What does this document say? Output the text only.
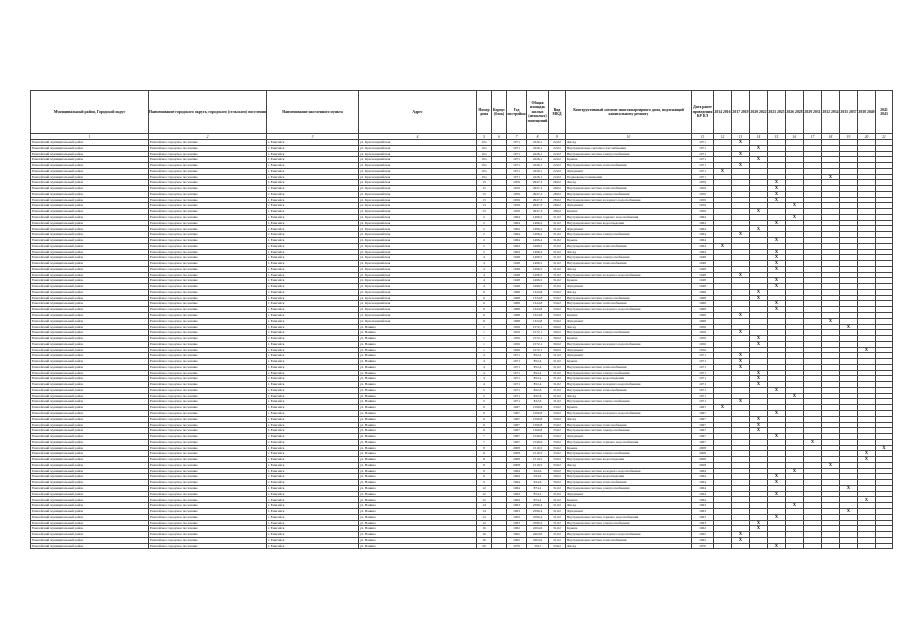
Муниципальный район, Городской округ	Наименование городского округа, городского (сельского) поселения	Наименование населенного пункта	Адрес	Номер дома	Корпус (блок)	Год постройки	Общая площадь жилых (нежилых) помещений	Вид МКД	Конструктивный элемент многоквартирного дома, подлежащий капитальному ремонту	Дата ранее проведения КР КЭ	2014 2016	2017 2019	2020 2022	2023 2025	2026 2028	2029 2031	2032 2034	2035 2037	2038 2040	2041 2043
1	2	3	4	5	6	7	8	9	10	11	12	13	14	15	16	17	18	19	20	21
Енисейский муниципальный район	Енисейское городское поселение	г. Енисейск	ул. Красноармейская	10а		1971	2226,1	22,02	Фасад	1971		X								
Енисейский муниципальный район	Енисейское городское поселение	г. Енисейск	ул. Красноармейская	10а		1971	2226,1	22,02	Внутридомовые системы газоснабжения	1971			X							
Енисейский муниципальный район	Енисейское городское поселение	г. Енисейск	ул. Красноармейская	10а		1971	2226,1	22,02	Внутридомовая система электроснабжения	1971		X								
Енисейский муниципальный район	Енисейское городское поселение	г. Енисейск	ул. Красноармейская	10а		1971	2226,1	22,02	Крыша	1971			X							
Енисейский муниципальный район	Енисейское городское поселение	г. Енисейск	ул. Красноармейская	10а		1971	2226,1	22,02	Внутридомовая система теплоснабжения	1971		X								
Енисейский муниципальный район	Енисейское городское поселение	г. Енисейск	ул. Красноармейская	10а		1971	2226,1	22,02	Фундамент	1971	X									
Енисейский муниципальный район	Енисейское городское поселение	г. Енисейск	ул. Красноармейская	10а		1971	2226,1	22,02	Подвальные помещения	1971							X			
Енисейский муниципальный район	Енисейское городское поселение	г. Енисейск	ул. Красноармейская	13		1959	2947,3	28,02	Фасад	1959				X						
Енисейский муниципальный район	Енисейское городское поселение	г. Енисейск	ул. Красноармейская	13		1959	2947,3	28,02	Внутридомовая система теплоснабжения	1959				X						
Енисейский муниципальный район	Енисейское городское поселение	г. Енисейск	ул. Красноармейская	13		1959	2947,3	28,02	Внутридомовая система электроснабжения	1959				X						
Енисейский муниципальный район	Енисейское городское поселение	г. Енисейск	ул. Красноармейская	13		1959	2947,3	28,02	Внутридомовая система холодного водоснабжения	1959				X						
Енисейский муниципальный район	Енисейское городское поселение	г. Енисейск	ул. Красноармейская	13		1959	2947,3	28,02	Фундамент	1959					X					
Енисейский муниципальный район	Енисейское городское поселение	г. Енисейск	ул. Красноармейская	13		1959	2947,3	28,02	Крыша	1959			X							
Енисейский муниципальный район	Енисейское городское поселение	г. Енисейск	ул. Красноармейская	2		1964	1496,2	31,02	Внутридомовая система горячего водоснабжения	1964					X					
Енисейский муниципальный район	Енисейское городское поселение	г. Енисейск	ул. Красноармейская	2		1964	1496,2	31,02	Внутридомовая система водоотведения	1964				X						
Енисейский муниципальный район	Енисейское городское поселение	г. Енисейск	ул. Красноармейская	2		1964	1496,2	31,02	Фундамент	1964			X							
Енисейский муниципальный район	Енисейское городское поселение	г. Енисейск	ул. Красноармейская	2		1964	1496,2	31,02	Внутридомовая система электроснабжения	1964		X								
Енисейский муниципальный район	Енисейское городское поселение	г. Енисейск	ул. Красноармейская	2		1964	1496,2	31,02	Крыша	1964				X						
Енисейский муниципальный район	Енисейское городское поселение	г. Енисейск	ул. Красноармейская	2		1964	1496,2	31,02	Внутридомовая система теплоснабжения	1964	X									
Енисейский муниципальный район	Енисейское городское поселение	г. Енисейск	ул. Красноармейская	2		1964	1496,2	31,02	Фасад	1964				X						
Енисейский муниципальный район	Енисейское городское поселение	г. Енисейск	ул. Красноармейская	4		1948	1496,5	31,02	Внутридомовая система электроснабжения	1948				X						
Енисейский муниципальный район	Енисейское городское поселение	г. Енисейск	ул. Красноармейская	4		1948	1496,5	31,02	Внутридомовая система теплоснабжения	1948				X						
Енисейский муниципальный район	Енисейское городское поселение	г. Енисейск	ул. Красноармейская	4		1948	1496,5	31,02	Фасад	1948				X						
Енисейский муниципальный район	Енисейское городское поселение	г. Енисейск	ул. Красноармейская	4		1948	1496,5	31,02	Внутридомовая система холодного водоснабжения	1948		X								
Енисейский муниципальный район	Енисейское городское поселение	г. Енисейск	ул. Красноармейская	4		1948	1496,5	31,02	Крыша	1948				X						
Енисейский муниципальный район	Енисейское городское поселение	г. Енисейск	ул. Красноармейская	4		1948	1496,5	31,02	Фундамент	1948				X						
Енисейский муниципальный район	Енисейское городское поселение	г. Енисейск	ул. Красноармейская	6		1968	1324,8	33,02	Фасад	1968			X							
Енисейский муниципальный район	Енисейское городское поселение	г. Енисейск	ул. Красноармейская	6		1968	1324,8	33,02	Внутридомовая система электроснабжения	1968			X							
Енисейский муниципальный район	Енисейское городское поселение	г. Енисейск	ул. Красноармейская	6		1968	1324,8	33,02	Внутридомовая система теплоснабжения	1968				X						
Енисейский муниципальный район	Енисейское городское поселение	г. Енисейск	ул. Красноармейская	6		1968	1324,8	33,02	Внутридомовая система холодного водоснабжения	1968				X						
Енисейский муниципальный район	Енисейское городское поселение	г. Енисейск	ул. Красноармейская	6		1968	1324,8	33,02	Крыша	1968		X								
Енисейский муниципальный район	Енисейское городское поселение	г. Енисейск	ул. Красноармейская	6		1968	1324,8	33,02	Фундамент	1968							X			
Енисейский муниципальный район	Енисейское городское поселение	г. Енисейск	ул. Ванина	1		1956	1572,1	30,02	Фасад	1956								X		
Енисейский муниципальный район	Енисейское городское поселение	г. Енисейск	ул. Ванина	1		1956	1572,1	30,02	Внутридомовая система электроснабжения	1956		X								
Енисейский муниципальный район	Енисейское городское поселение	г. Енисейск	ул. Ванина	1		1956	1572,1	30,02	Крыша	1956			X							
Енисейский муниципальный район	Енисейское городское поселение	г. Енисейск	ул. Ванина	1		1956	1572,1	30,02	Внутридомовая система холодного водоснабжения	1956			X							
Енисейский муниципальный район	Енисейское городское поселение	г. Енисейск	ул. Ванина	1		1956	1572,1	30,02	Фундамент	1956									X	
Енисейский муниципальный район	Енисейское городское поселение	г. Енисейск	ул. Ванина	4		1971	852,4	31,02	Фундамент	1971		X								
Енисейский муниципальный район	Енисейское городское поселение	г. Енисейск	ул. Ванина	4		1971	852,4	31,02	Крыша	1971		X								
Енисейский муниципальный район	Енисейское городское поселение	г. Енисейск	ул. Ванина	4		1971	852,4	31,02	Внутридомовая система теплоснабжения	1971		X								
Енисейский муниципальный район	Енисейское городское поселение	г. Енисейск	ул. Ванина	4		1971	852,4	31,02	Внутридомовая система электроснабжения	1971			X							
Енисейский муниципальный район	Енисейское городское поселение	г. Енисейск	ул. Ванина	4		1971	852,4	31,02	Внутридомовая система водоотведения	1971			X							
Енисейский муниципальный район	Енисейское городское поселение	г. Енисейск	ул. Ванина	4		1971	852,4	31,02	Внутридомовая система холодного водоснабжения	1971			X							
Енисейский муниципальный район	Енисейское городское поселение	г. Енисейск	ул. Ванина	5		1971	822,6	31,02	Внутридомовая система теплоснабжения	1971				X						
Енисейский муниципальный район	Енисейское городское поселение	г. Енисейск	ул. Ванина	5		1971	822,6	31,02	Фасад	1971					X					
Енисейский муниципальный район	Енисейское городское поселение	г. Енисейск	ул. Ванина	5		1971	822,6	31,02	Внутридомовая система электроснабжения	1971		X								
Енисейский муниципальный район	Енисейское городское поселение	г. Енисейск	ул. Ванина	6		1967	1590,8	33,02	Крыша	1967	X									
Енисейский муниципальный район	Енисейское городское поселение	г. Енисейск	ул. Ванина	6		1967	1590,8	33,02	Внутридомовая система холодного водоснабжения	1967				X						
Енисейский муниципальный район	Енисейское городское поселение	г. Енисейск	ул. Ванина	6		1967	1590,8	33,02	Фасад	1967			X							
Енисейский муниципальный район	Енисейское городское поселение	г. Енисейск	ул. Ванина	6		1967	1590,8	33,02	Внутридомовая система теплоснабжения	1967			X							
Енисейский муниципальный район	Енисейское городское поселение	г. Енисейск	ул. Ванина	6		1967	1590,8	33,02	Внутридомовая система электроснабжения	1967			X							
Енисейский муниципальный район	Енисейское городское поселение	г. Енисейск	ул. Ванина	7		1967	1549,6	33,02	Фундамент	1967				X						
Енисейский муниципальный район	Енисейское городское поселение	г. Енисейск	ул. Ванина	7		1967	1549,6	33,02	Внутридомовая система горячего водоснабжения	1967						X				
Енисейский муниципальный район	Енисейское городское поселение	г. Енисейск	ул. Ванина	8		2008	1519,5	33,02	Крыша	2008										X
Енисейский муниципальный район	Енисейское городское поселение	г. Енисейск	ул. Ванина	8		2008	1519,5	33,02	Внутридомовая система электроснабжения	2008									X	
Енисейский муниципальный район	Енисейское городское поселение	г. Енисейск	ул. Ванина	8		2008	1519,5	33,02	Внутридомовая система водоотведения	2008									X	
Енисейский муниципальный район	Енисейское городское поселение	г. Енисейск	ул. Ванина	8		2008	1519,5	33,02	Фасад	2008							X			
Енисейский муниципальный район	Енисейское городское поселение	г. Енисейск	ул. Ванина	9		1964	924,6	30,02	Внутридомовая система холодного водоснабжения	1964					X					
Енисейский муниципальный район	Енисейское городское поселение	г. Енисейск	ул. Ванина	9		1964	924,6	30,02	Внутридомовая система водоотведения	1964				X						
Енисейский муниципальный район	Енисейское городское поселение	г. Енисейск	ул. Ванина	9		1964	924,6	30,02	Внутридомовая система теплоснабжения	1964				X						
Енисейский муниципальный район	Енисейское городское поселение	г. Енисейск	ул. Ванина	12		1964	874,2	31,02	Внутридомовая система электроснабжения	1964								X		
Енисейский муниципальный район	Енисейское городское поселение	г. Енисейск	ул. Ванина	12		1964	874,2	31,02	Фундамент	1964				X						
Енисейский муниципальный район	Енисейское городское поселение	г. Енисейск	ул. Ванина	12		1964	874,2	31,02	Крыша	1964									X	
Енисейский муниципальный район	Енисейское городское поселение	г. Енисейск	ул. Ванина	14		1963	2590,4	31,02	Фасад	1963					X					
Енисейский муниципальный район	Енисейское городское поселение	г. Енисейск	ул. Ванина	14		1963	2590,4	31,02	Фундамент	1963								X		
Енисейский муниципальный район	Енисейское городское поселение	г. Енисейск	ул. Ванина	14		1963	2590,4	31,02	Внутридомовая система горячего водоснабжения	1963				X						
Енисейский муниципальный район	Енисейское городское поселение	г. Енисейск	ул. Ванина	14		1963	2590,4	31,02	Внутридомовая система электроснабжения	1963			X							
Енисейский муниципальный район	Енисейское городское поселение	г. Енисейск	ул. Ванина	16		1962	2204,6	31,02	Крыша	1962			X							
Енисейский муниципальный район	Енисейское городское поселение	г. Енисейск	ул. Ванина	16		1962	2204,6	31,02	Внутридомовая система холодного водоснабжения	1962		X								
Енисейский муниципальный район	Енисейское городское поселение	г. Енисейск	ул. Ванина	16		1962	2204,6	31,02	Внутридомовая система теплоснабжения	1962		X								
Енисейский муниципальный район	Енисейское городское поселение	г. Енисейск	ул. Ванина	20		1970	3541	33,02	Фасад	1970				X						
